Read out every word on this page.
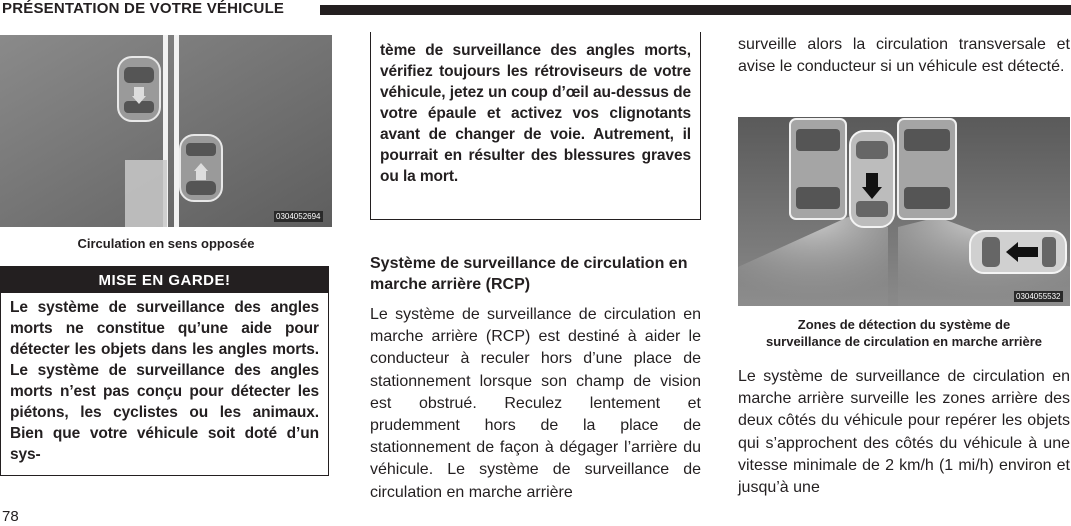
PRÉSENTATION DE VOTRE VÉHICULE
0304052694
Circulation en sens opposée
MISE EN GARDE!
Le système de surveillance des angles morts ne constitue qu’une aide pour détecter les objets dans les angles morts. Le système de surveillance des angles morts n’est pas conçu pour détecter les piétons, les cyclistes ou les animaux. Bien que votre véhicule soit doté d’un sys-
tème de surveillance des angles morts, vérifiez toujours les rétroviseurs de votre véhicule, jetez un coup d’œil au-dessus de votre épaule et activez vos clignotants avant de changer de voie. Autrement, il pourrait en résulter des blessures graves ou la mort.
Système de surveillance de circulation en marche arrière (RCP)
Le système de surveillance de circulation en marche arrière (RCP) est destiné à aider le conducteur à reculer hors d’une place de stationnement lorsque son champ de vision est obstrué. Reculez lentement et prudemment hors de la place de stationnement de façon à dégager l’arrière du véhicule. Le système de surveillance de circulation en marche arrière
surveille alors la circulation transversale et avise le conducteur si un véhicule est détecté.
0304055532
Zones de détection du système de
surveillance de circulation en marche arrière
Le système de surveillance de circulation en marche arrière surveille les zones arrière des deux côtés du véhicule pour repérer les objets qui s’approchent des côtés du véhicule à une vitesse minimale de 2 km/h (1 mi/h) environ et jusqu’à une
78
